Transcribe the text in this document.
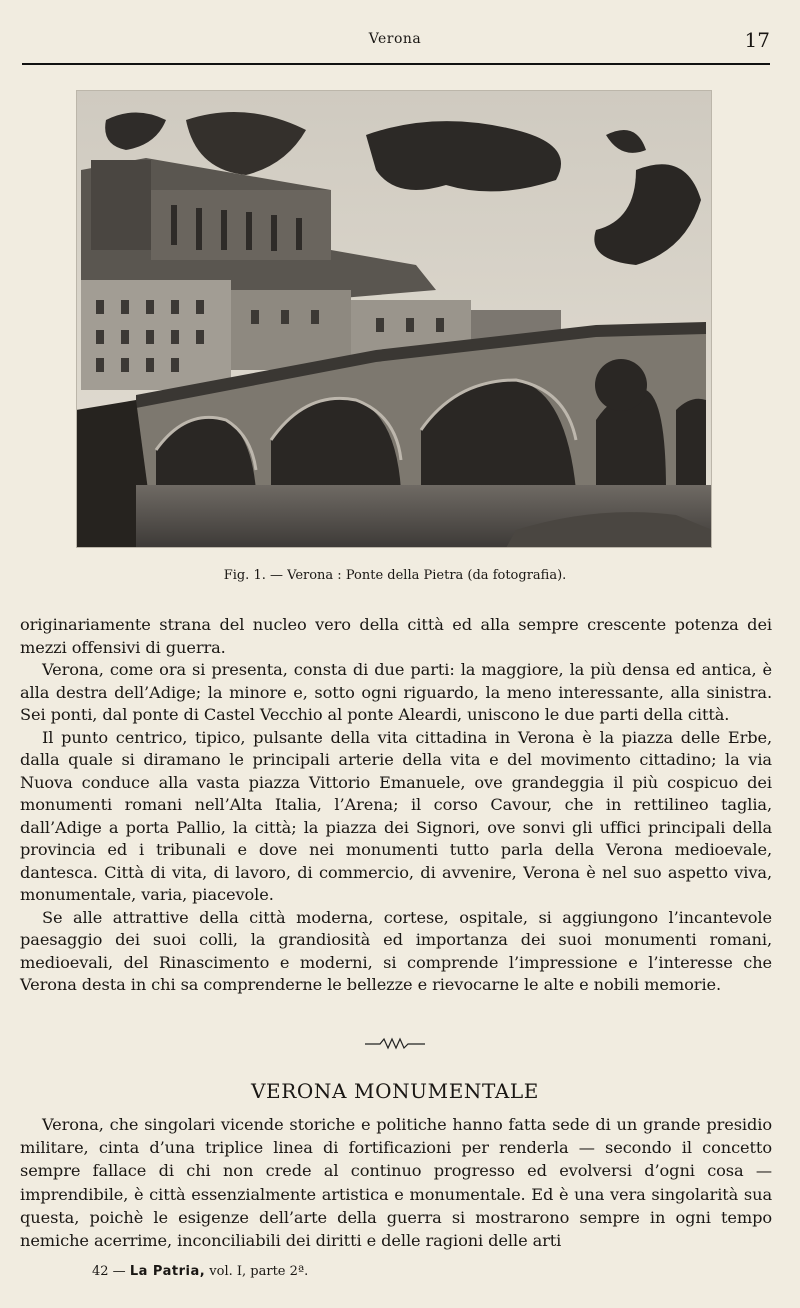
Verona	17
Fig. 1. — Verona : Ponte della Pietra (da fotografia).

originariamente strana del nucleo vero della città ed alla sempre crescente potenza dei mezzi offensivi di guerra.

Verona, come ora si presenta, consta di due parti: la maggiore, la più densa ed antica, è alla destra dell’Adige; la minore e, sotto ogni riguardo, la meno interessante, alla sinistra. Sei ponti, dal ponte di Castel Vecchio al ponte Aleardi, uniscono le due parti della città.

Il punto centrico, tipico, pulsante della vita cittadina in Verona è la piazza delle Erbe, dalla quale si diramano le principali arterie della vita e del movimento cittadino; la via Nuova conduce alla vasta piazza Vittorio Emanuele, ove grandeggia il più cospicuo dei monumenti romani nell’Alta Italia, l’Arena; il corso Cavour, che in rettilineo taglia, dall’Adige a porta Pallio, la città; la piazza dei Signori, ove sonvi gli uffici principali della provincia ed i tribunali e dove nei monumenti tutto parla della Verona medioevale, dantesca. Città di vita, di lavoro, di commercio, di avvenire, Verona è nel suo aspetto viva, monumentale, varia, piacevole.

Se alle attrattive della città moderna, cortese, ospitale, si aggiungono l’incantevole paesaggio dei suoi colli, la grandiosità ed importanza dei suoi monumenti romani, medioevali, del Rinascimento e moderni, si comprende l’impressione e l’interesse che Verona desta in chi sa comprenderne le bellezze e rievocarne le alte e nobili memorie.

VERONA MONUMENTALE

Verona, che singolari vicende storiche e politiche hanno fatta sede di un grande presidio militare, cinta d’una triplice linea di fortificazioni per renderla — secondo il concetto sempre fallace di chi non crede al continuo progresso ed evolversi d’ogni cosa — imprendibile, è città essenzialmente artistica e monumentale. Ed è una vera singolarità sua questa, poichè le esigenze dell’arte della guerra si mostrarono sempre in ogni tempo nemiche acerrime, inconciliabili dei diritti e delle ragioni delle arti

42 — La Patria, vol. I, parte 2ª.
